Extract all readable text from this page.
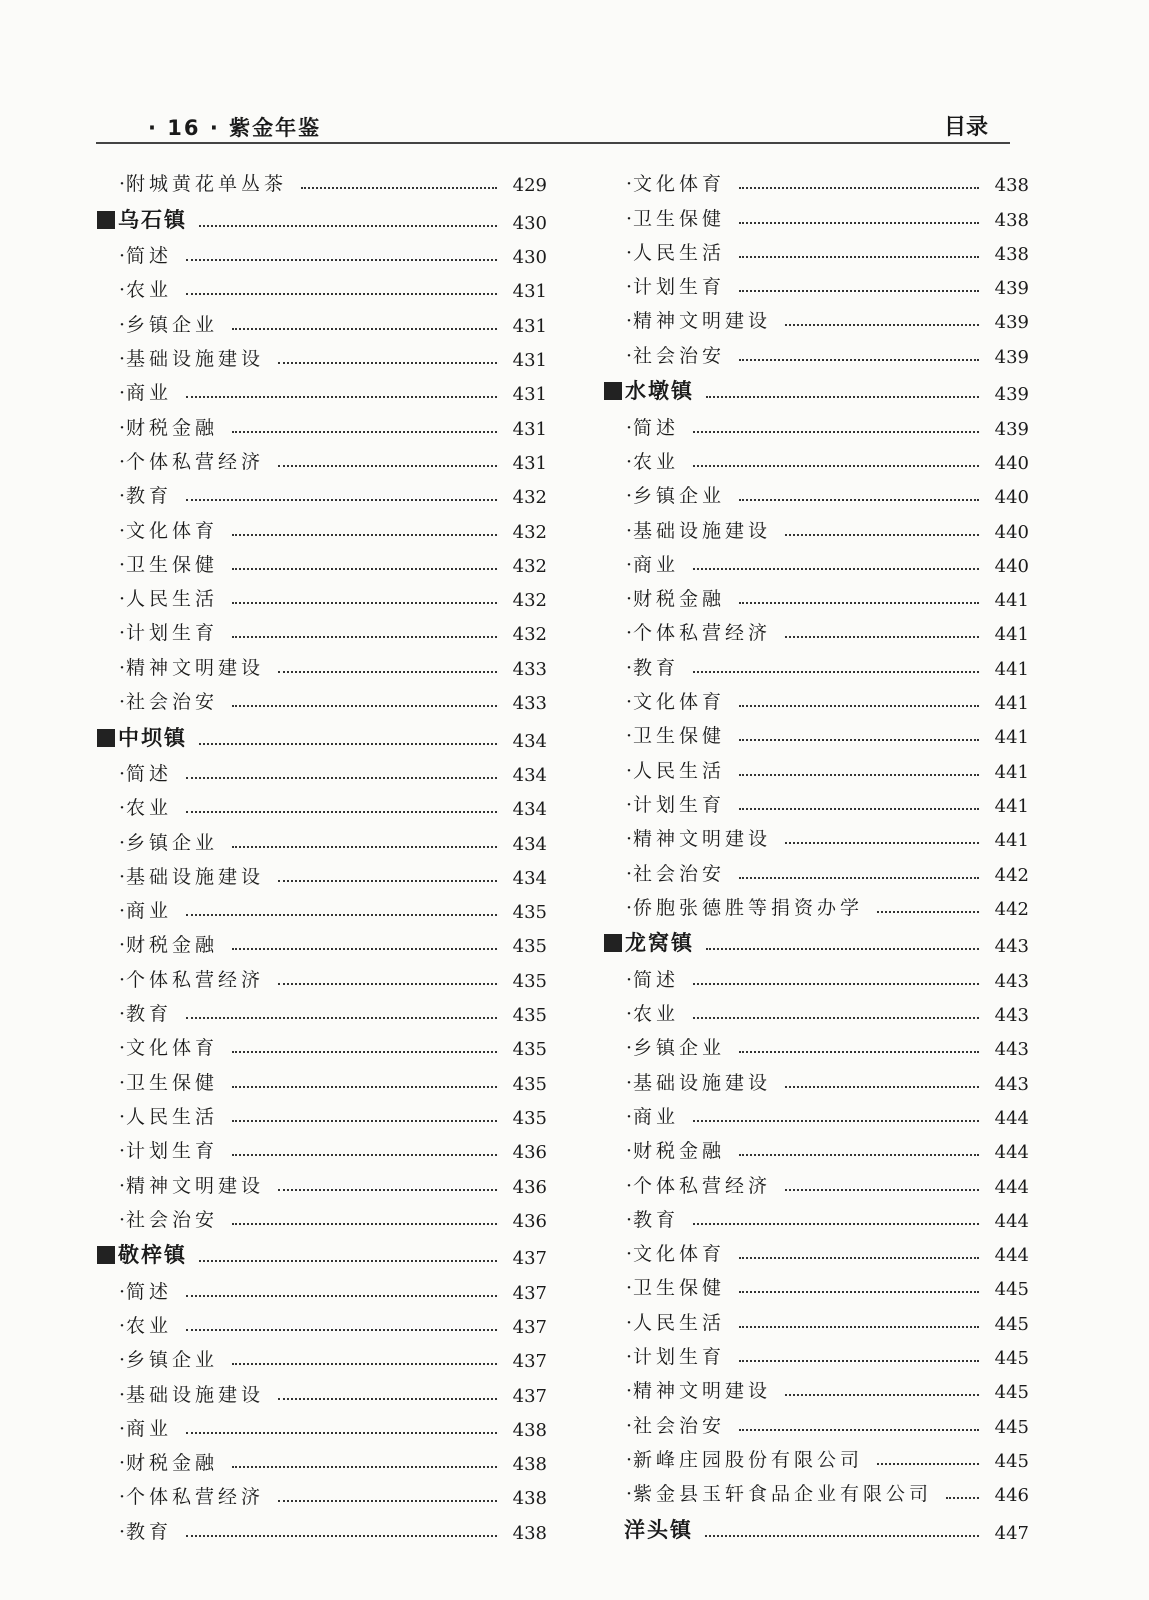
· 16 · 紫金年鉴	目录
· 附城黄花单丛茶	429
乌石镇	430
· 简述	430
· 农业	431
· 乡镇企业	431
· 基础设施建设	431
· 商业	431
· 财税金融	431
· 个体私营经济	431
· 教育	432
· 文化体育	432
· 卫生保健	432
· 人民生活	432
· 计划生育	432
· 精神文明建设	433
· 社会治安	433
中坝镇	434
· 简述	434
· 农业	434
· 乡镇企业	434
· 基础设施建设	434
· 商业	435
· 财税金融	435
· 个体私营经济	435
· 教育	435
· 文化体育	435
· 卫生保健	435
· 人民生活	435
· 计划生育	436
· 精神文明建设	436
· 社会治安	436
敬梓镇	437
· 简述	437
· 农业	437
· 乡镇企业	437
· 基础设施建设	437
· 商业	438
· 财税金融	438
· 个体私营经济	438
· 教育	438
· 文化体育	438
· 卫生保健	438
· 人民生活	438
· 计划生育	439
· 精神文明建设	439
· 社会治安	439
水墩镇	439
· 简述	439
· 农业	440
· 乡镇企业	440
· 基础设施建设	440
· 商业	440
· 财税金融	441
· 个体私营经济	441
· 教育	441
· 文化体育	441
· 卫生保健	441
· 人民生活	441
· 计划生育	441
· 精神文明建设	441
· 社会治安	442
· 侨胞张德胜等捐资办学	442
龙窝镇	443
· 简述	443
· 农业	443
· 乡镇企业	443
· 基础设施建设	443
· 商业	444
· 财税金融	444
· 个体私营经济	444
· 教育	444
· 文化体育	444
· 卫生保健	445
· 人民生活	445
· 计划生育	445
· 精神文明建设	445
· 社会治安	445
· 新峰庄园股份有限公司	445
· 紫金县玉轩食品企业有限公司	446
洋头镇	447
